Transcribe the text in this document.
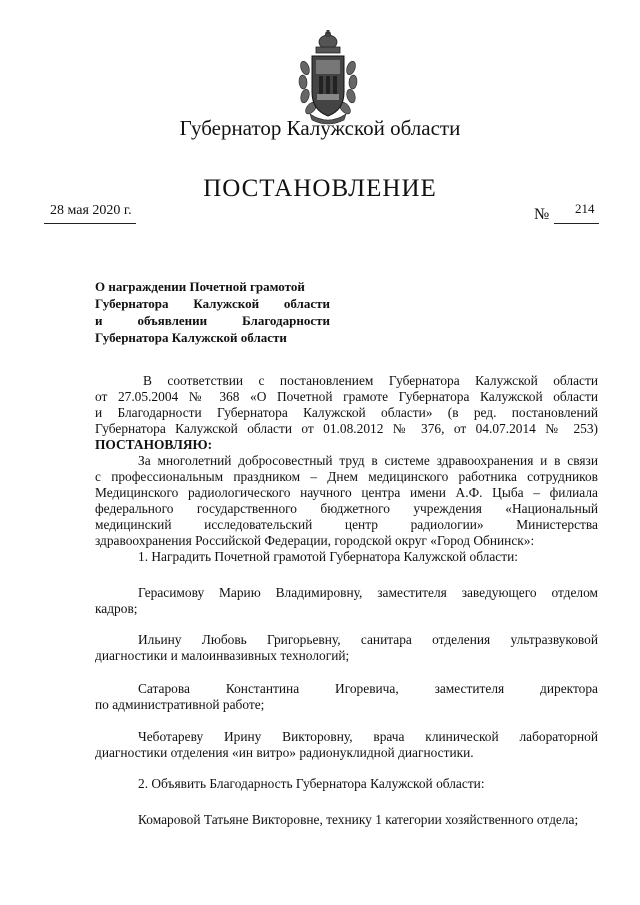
Губернатор Калужской области
ПОСТАНОВЛЕНИЕ
28 мая 2020 г.	№ 214
О награждении Почетной грамотой
Губернатора Калужской области
и	объявлении	Благодарности
Губернатора Калужской области
В соответствии с постановлением Губернатора Калужской области
от 27.05.2004 № 368 «О Почетной грамоте Губернатора Калужской области
и Благодарности Губернатора Калужской области» (в ред. постановлений
Губернатора Калужской области от 01.08.2012 № 376, от 04.07.2014 № 253)
ПОСТАНОВЛЯЮ:
За многолетний добросовестный труд в системе здравоохранения и в связи
с профессиональным праздником – Днем медицинского работника сотрудников
Медицинского радиологического научного центра имени А.Ф. Цыба – филиала
федерального государственного бюджетного учреждения «Национальный
медицинский исследовательский центр радиологии» Министерства
здравоохранения Российской Федерации, городской округ «Город Обнинск»:
1. Наградить Почетной грамотой Губернатора Калужской области:
Герасимову Марию Владимировну, заместителя заведующего отделом
кадров;
Ильину Любовь Григорьевну, санитара отделения ультразвуковой
диагностики и малоинвазивных технологий;
Сатарова Константина Игоревича, заместителя директора
по административной работе;
Чеботареву Ирину Викторовну, врача клинической лабораторной
диагностики отделения «ин витро» радионуклидной диагностики.
2. Объявить Благодарность Губернатора Калужской области:
Комаровой Татьяне Викторовне, технику 1 категории хозяйственного отдела;
